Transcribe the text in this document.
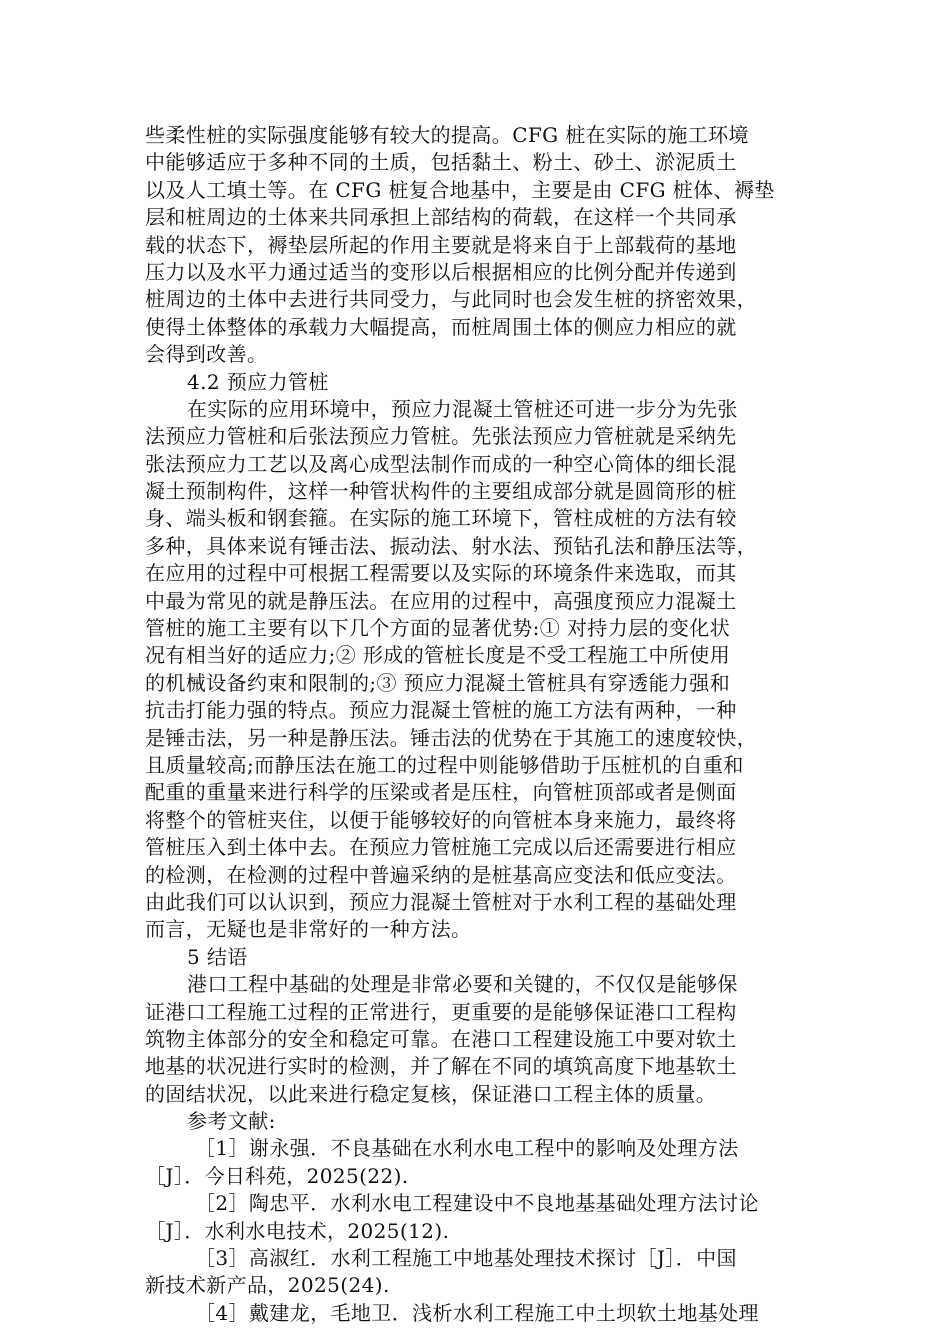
些柔性桩的实际强度能够有较大的提高。CFG 桩在实际的施工环境
中能够适应于多种不同的土质，包括黏土、粉土、砂土、淤泥质土
以及人工填土等。在 CFG 桩复合地基中，主要是由 CFG 桩体、褥垫
层和桩周边的土体来共同承担上部结构的荷载，在这样一个共同承
载的状态下，褥垫层所起的作用主要就是将来自于上部载荷的基地
压力以及水平力通过适当的变形以后根据相应的比例分配并传递到
桩周边的土体中去进行共同受力，与此同时也会发生桩的挤密效果，
使得土体整体的承载力大幅提高，而桩周围土体的侧应力相应的就
会得到改善。
4.2 预应力管桩
在实际的应用环境中，预应力混凝土管桩还可进一步分为先张
法预应力管桩和后张法预应力管桩。先张法预应力管桩就是采纳先
张法预应力工艺以及离心成型法制作而成的一种空心筒体的细长混
凝土预制构件，这样一种管状构件的主要组成部分就是圆筒形的桩
身、端头板和钢套箍。在实际的施工环境下，管柱成桩的方法有较
多种，具体来说有锤击法、振动法、射水法、预钻孔法和静压法等，
在应用的过程中可根据工程需要以及实际的环境条件来选取，而其
中最为常见的就是静压法。在应用的过程中，高强度预应力混凝土
管桩的施工主要有以下几个方面的显著优势:① 对持力层的变化状
况有相当好的适应力;② 形成的管桩长度是不受工程施工中所使用
的机械设备约束和限制的;③ 预应力混凝土管桩具有穿透能力强和
抗击打能力强的特点。预应力混凝土管桩的施工方法有两种，一种
是锤击法，另一种是静压法。锤击法的优势在于其施工的速度较快，
且质量较高;而静压法在施工的过程中则能够借助于压桩机的自重和
配重的重量来进行科学的压梁或者是压柱，向管桩顶部或者是侧面
将整个的管桩夹住，以便于能够较好的向管桩本身来施力，最终将
管桩压入到土体中去。在预应力管桩施工完成以后还需要进行相应
的检测，在检测的过程中普遍采纳的是桩基高应变法和低应变法。
由此我们可以认识到，预应力混凝土管桩对于水利工程的基础处理
而言，无疑也是非常好的一种方法。
5 结语
港口工程中基础的处理是非常必要和关键的，不仅仅是能够保
证港口工程施工过程的正常进行，更重要的是能够保证港口工程构
筑物主体部分的安全和稳定可靠。在港口工程建设施工中要对软土
地基的状况进行实时的检测，并了解在不同的填筑高度下地基软土
的固结状况，以此来进行稳定复核，保证港口工程主体的质量。
参考文献:
［1］谢永强．不良基础在水利水电工程中的影响及处理方法
［J］．今日科苑，2025(22).
［2］陶忠平．水利水电工程建设中不良地基基础处理方法讨论
［J］．水利水电技术，2025(12).
［3］高淑红．水利工程施工中地基处理技术探讨［J］．中国
新技术新产品，2025(24).
［4］戴建龙，毛地卫．浅析水利工程施工中土坝软土地基处理
